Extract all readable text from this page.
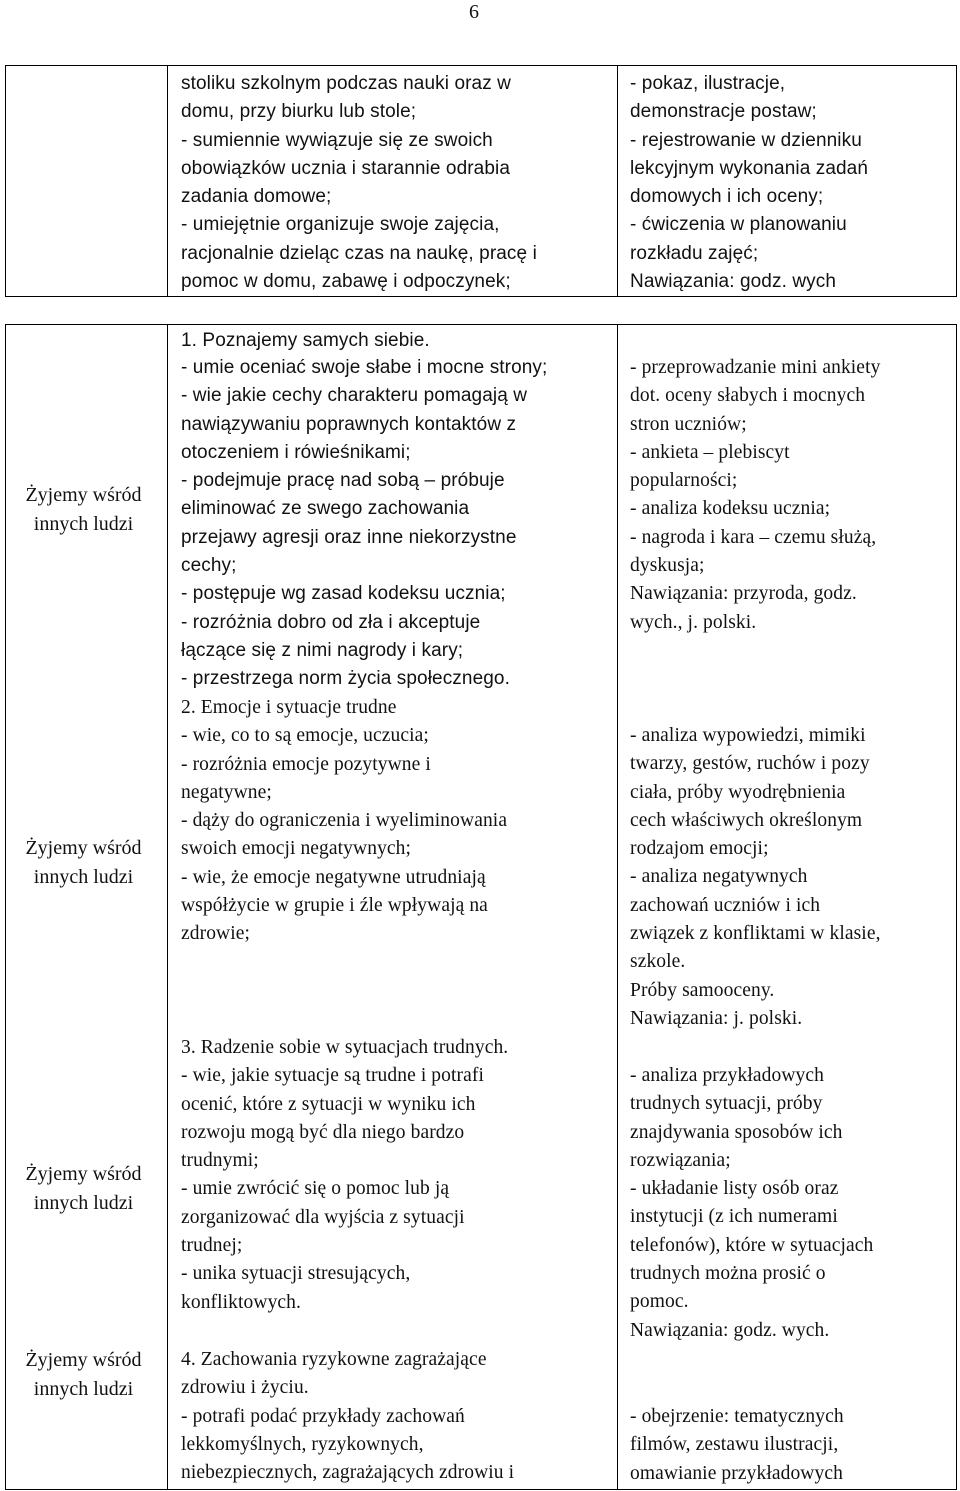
6
stoliku szkolnym podczas nauki oraz w
domu, przy biurku lub stole;
- sumiennie wywiązuje się ze swoich
obowiązków ucznia i starannie odrabia
zadania domowe;
- umiejętnie organizuje swoje zajęcia,
racjonalnie dzieląc czas na naukę, pracę i
pomoc w domu, zabawę i odpoczynek;
- pokaz, ilustracje,
demonstracje postaw;
- rejestrowanie w dzienniku
lekcyjnym wykonania zadań
domowych i ich oceny;
- ćwiczenia w planowaniu
rozkładu zajęć;
Nawiązania: godz. wych
Żyjemy wśród
innych ludzi
1. Poznajemy samych siebie.
- umie oceniać swoje słabe i mocne strony;
- wie jakie cechy charakteru pomagają w
nawiązywaniu poprawnych kontaktów z
otoczeniem i rówieśnikami;
- podejmuje pracę nad sobą – próbuje
eliminować ze swego zachowania
przejawy agresji oraz inne niekorzystne
cechy;
- postępuje wg zasad kodeksu ucznia;
- rozróżnia dobro od zła i akceptuje
łączące się z nimi nagrody i kary;
- przestrzega norm życia społecznego.
- przeprowadzanie mini ankiety
dot. oceny słabych i mocnych
stron uczniów;
- ankieta – plebiscyt
popularności;
- analiza kodeksu ucznia;
- nagroda i kara – czemu służą,
dyskusja;
Nawiązania: przyroda, godz.
wych., j. polski.
Żyjemy wśród
innych ludzi
2. Emocje i sytuacje trudne
- wie, co to są emocje, uczucia;
- rozróżnia emocje pozytywne i
negatywne;
- dąży do ograniczenia i wyeliminowania
swoich emocji negatywnych;
- wie, że emocje negatywne utrudniają
współżycie w grupie i źle wpływają na
zdrowie;
- analiza wypowiedzi, mimiki
twarzy, gestów, ruchów i pozy
ciała, próby wyodrębnienia
cech właściwych określonym
rodzajom emocji;
- analiza negatywnych
zachowań uczniów i ich
związek z konfliktami w klasie,
szkole.
Próby samooceny.
Nawiązania: j. polski.
Żyjemy wśród
innych ludzi
3. Radzenie sobie w sytuacjach trudnych.
- wie, jakie sytuacje są trudne i potrafi
ocenić, które z sytuacji w wyniku ich
rozwoju mogą być dla niego bardzo
trudnymi;
- umie zwrócić się o pomoc lub ją
zorganizować dla wyjścia z sytuacji
trudnej;
- unika sytuacji stresujących,
konfliktowych.
- analiza przykładowych
trudnych sytuacji, próby
znajdywania sposobów ich
rozwiązania;
- układanie listy osób oraz
instytucji (z ich numerami
telefonów), które w sytuacjach
trudnych można prosić o
pomoc.
Nawiązania: godz. wych.
Żyjemy wśród
innych ludzi
4. Zachowania ryzykowne zagrażające
zdrowiu i życiu.
- potrafi podać przykłady zachowań
lekkomyślnych, ryzykownych,
niebezpiecznych, zagrażających zdrowiu i
- obejrzenie: tematycznych
filmów, zestawu ilustracji,
omawianie przykładowych
